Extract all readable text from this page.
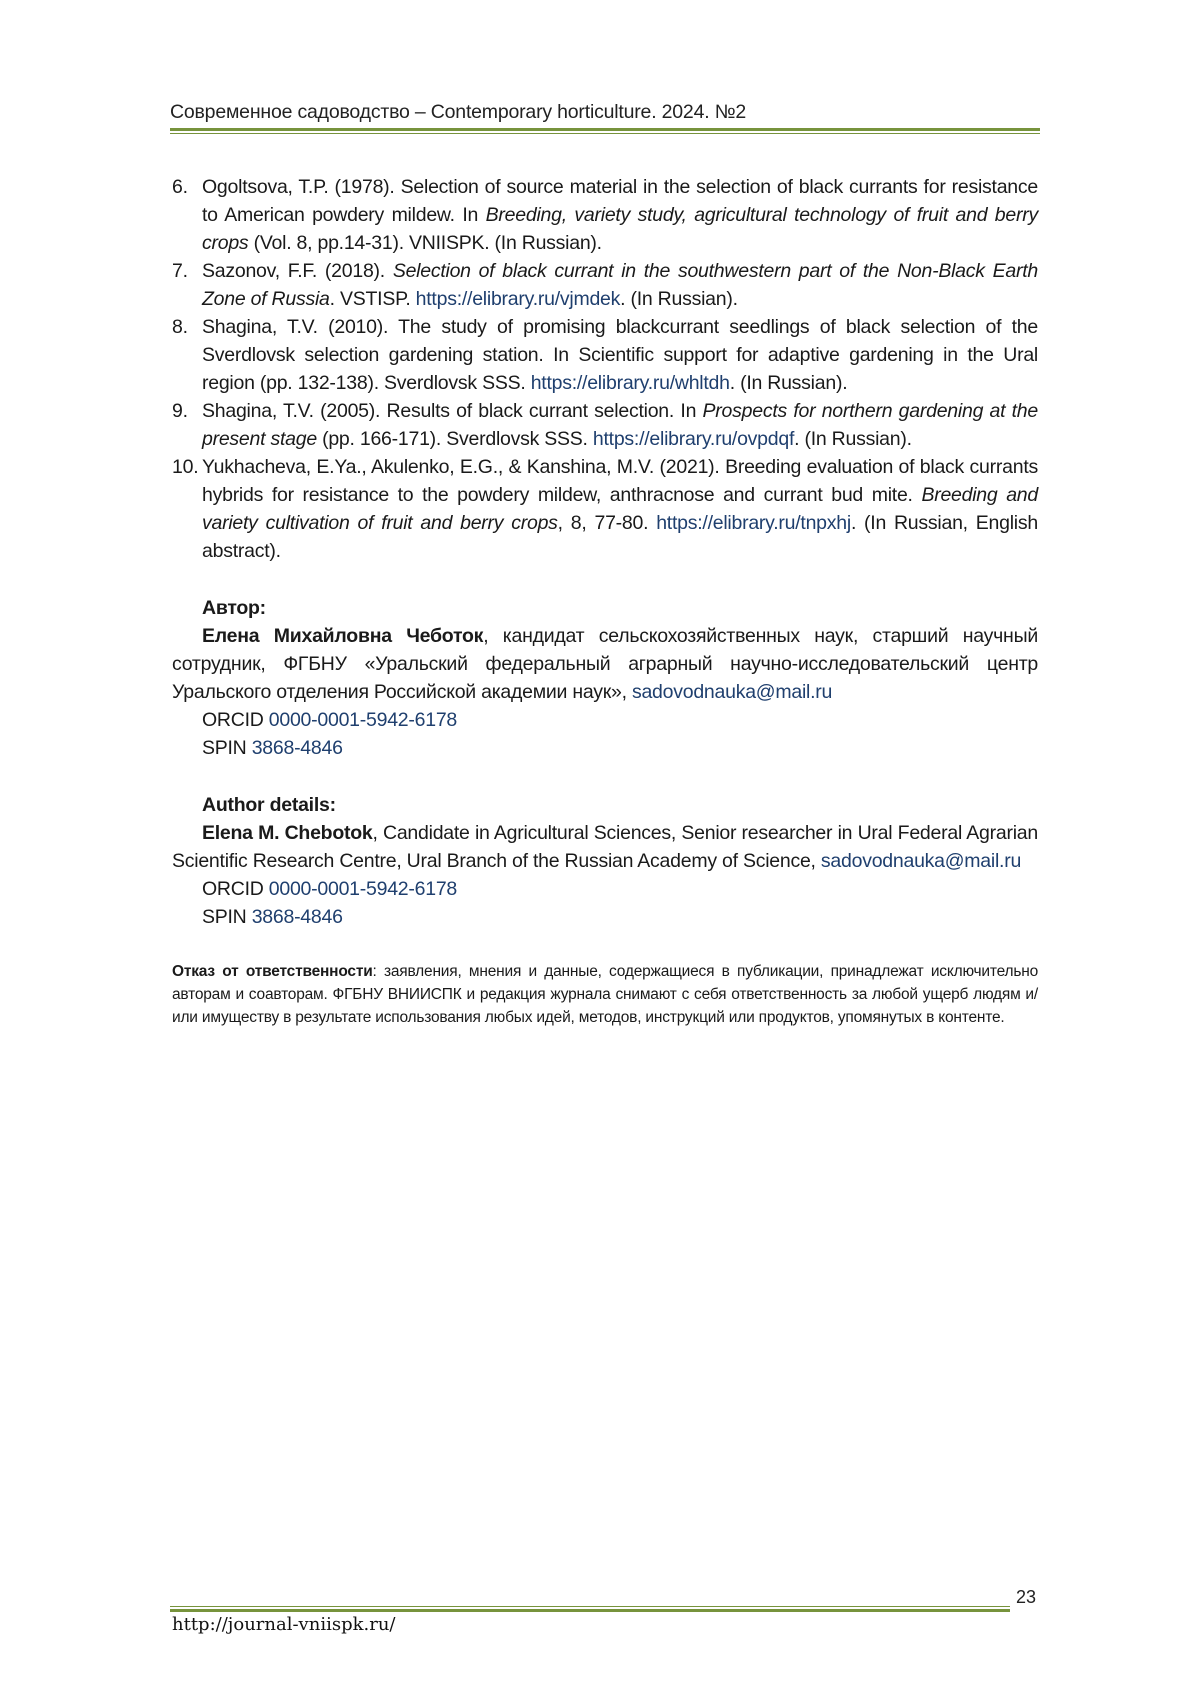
Современное садоводство – Contemporary horticulture. 2024. №2
6. Ogoltsova, T.P. (1978). Selection of source material in the selection of black currants for resistance to American powdery mildew. In Breeding, variety study, agricultural technology of fruit and berry crops (Vol. 8, pp.14-31). VNIISPK. (In Russian).
7. Sazonov, F.F. (2018). Selection of black currant in the southwestern part of the Non-Black Earth Zone of Russia. VSTISP. https://elibrary.ru/vjmdek. (In Russian).
8. Shagina, T.V. (2010). The study of promising blackcurrant seedlings of black selection of the Sverdlovsk selection gardening station. In Scientific support for adaptive gardening in the Ural region (pp. 132-138). Sverdlovsk SSS. https://elibrary.ru/whltdh. (In Russian).
9. Shagina, T.V. (2005). Results of black currant selection. In Prospects for northern gardening at the present stage (pp. 166-171). Sverdlovsk SSS. https://elibrary.ru/ovpdqf. (In Russian).
10. Yukhacheva, E.Ya., Akulenko, E.G., & Kanshina, M.V. (2021). Breeding evaluation of black currants hybrids for resistance to the powdery mildew, anthracnose and currant bud mite. Breeding and variety cultivation of fruit and berry crops, 8, 77-80. https://elibrary.ru/tnpxhj. (In Russian, English abstract).
Автор:
Елена Михайловна Чеботок, кандидат сельскохозяйственных наук, старший научный сотрудник, ФГБНУ «Уральский федеральный аграрный научно-исследовательский центр Уральского отделения Российской академии наук», sadovodnauka@mail.ru
ORCID 0000-0001-5942-6178
SPIN 3868-4846
Author details:
Elena M. Chebotok, Candidate in Agricultural Sciences, Senior researcher in Ural Federal Agrarian Scientific Research Centre, Ural Branch of the Russian Academy of Science, sadovodnauka@mail.ru
ORCID 0000-0001-5942-6178
SPIN 3868-4846
Отказ от ответственности: заявления, мнения и данные, содержащиеся в публикации, принадлежат исключительно авторам и соавторам. ФГБНУ ВНИИСПК и редакция журнала снимают с себя ответственность за любой ущерб людям и/или имуществу в результате использования любых идей, методов, инструкций или продуктов, упомянутых в контенте.
23
http://journal-vniispk.ru/
